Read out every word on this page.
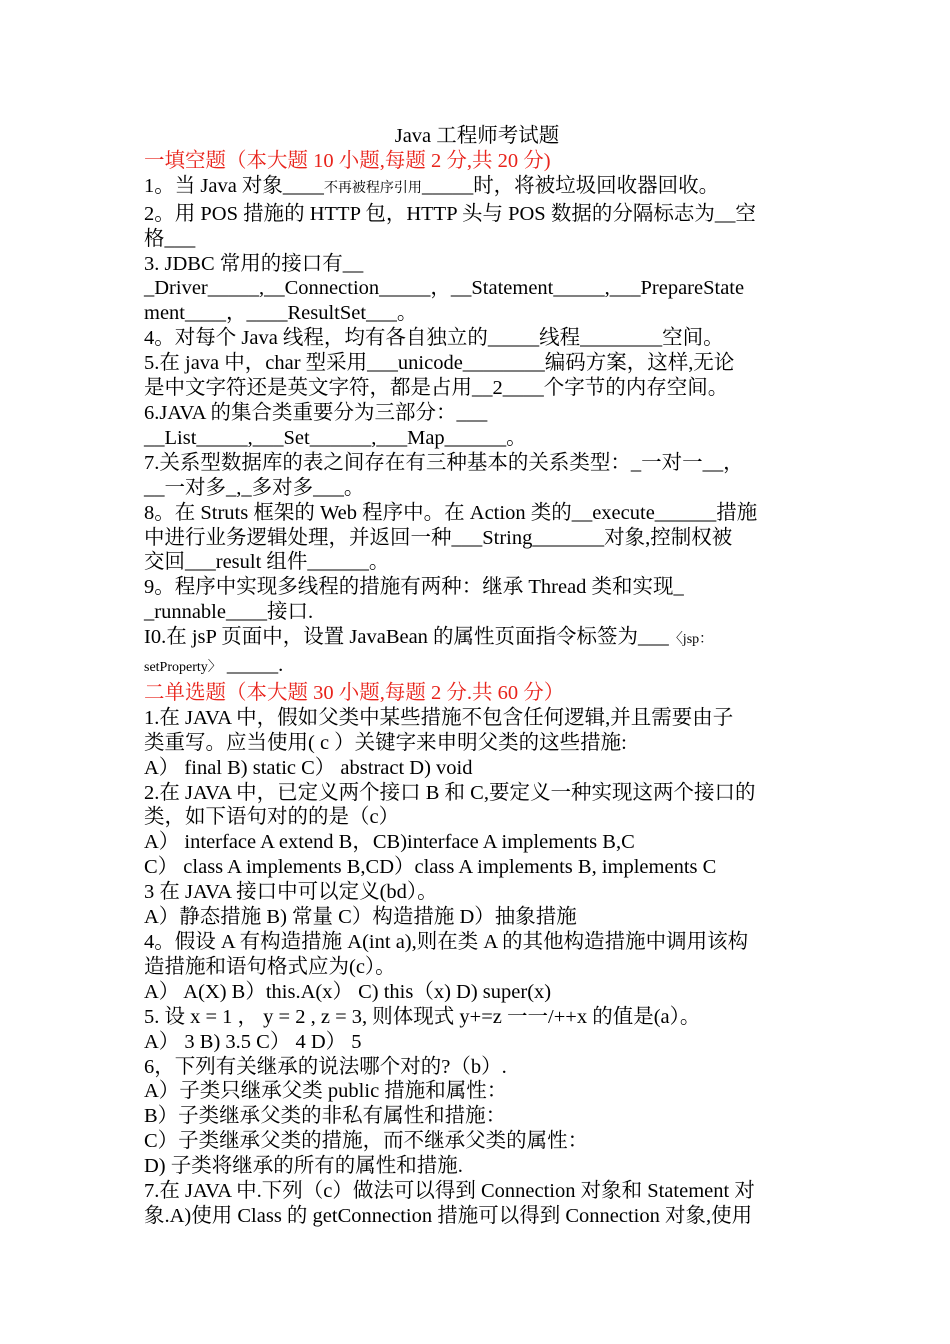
Java 工程师考试题
一填空题（本大题 10 小题,每题 2 分,共 20 分)
1。当 Java 对象____不再被程序引用_____时，将被垃圾回收器回收。
2。用 POS 措施的 HTTP 包，HTTP 头与 POS 数据的分隔标志为__空
格___
3. JDBC 常用的接口有__
_Driver_____,__Connection_____，__Statement_____,___PrepareState
ment____，____ResultSet___。
4。对每个 Java 线程，均有各自独立的_____线程________空间。
5.在 java 中，char 型采用___unicode________编码方案，这样,无论
是中文字符还是英文字符，都是占用__2____个字节的内存空间。
6.JAVA 的集合类重要分为三部分：___
__List_____,___Set______,___Map______。
7.关系型数据库的表之间存在有三种基本的关系类型：_一对一__，
__一对多_,_多对多___。
8。在 Struts 框架的 Web 程序中。在 Action 类的__execute______措施
中进行业务逻辑处理，并返回一种___String_______对象,控制权被
交回___result 组件______。
9。程序中实现多线程的措施有两种：继承 Thread 类和实现_
_runnable____接口.
I0.在 jsP 页面中，设置 JavaBean 的属性页面指令标签为___〈jsp：
setProperty〉 _____.
二单选题（本大题 30 小题,每题 2 分.共 60 分）
1.在 JAVA 中，假如父类中某些措施不包含任何逻辑,并且需要由子
类重写。应当使用( c ）关键字来申明父类的这些措施:
A） final B) static C） abstract D) void
2.在 JAVA 中，已定义两个接口 B 和 C,要定义一种实现这两个接口的
类，如下语句对的的是（c）
A） interface A extend B，CB)interface A implements B,C
C） class A implements B,CD）class A implements B, implements C
3 在 JAVA 接口中可以定义(bd）。
A）静态措施 B) 常量 C）构造措施 D）抽象措施
4。假设 A 有构造措施 A(int a),则在类 A 的其他构造措施中调用该构
造措施和语句格式应为(c）。
A） A(X) B）this.A(x） C) this（x) D) super(x)
5. 设 x = 1 ， y = 2 , z = 3, 则体现式 y+=z 一一/++x 的值是(a）。
A） 3 B) 3.5 C） 4 D） 5
6，下列有关继承的说法哪个对的?（b）.
A）子类只继承父类 public 措施和属性：
B）子类继承父类的非私有属性和措施：
C）子类继承父类的措施，而不继承父类的属性：
D) 子类将继承的所有的属性和措施.
7.在 JAVA 中.下列（c）做法可以得到 Connection 对象和 Statement 对
象.A)使用 Class 的 getConnection 措施可以得到 Connection 对象,使用
